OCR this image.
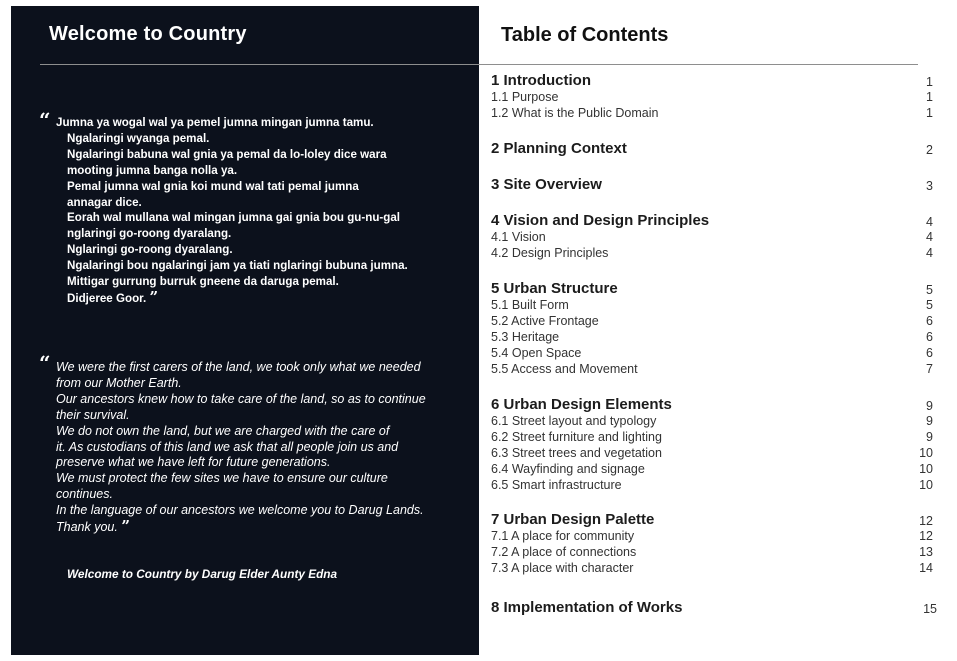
Welcome to Country
“ Jumna ya wogal wal ya pemel jumna mingan jumna tamu.
Ngalaringi wyanga pemal.
Ngalaringi babuna wal gnia ya pemal da lo-loley dice wara
mooting jumna banga nolla ya.
Pemal jumna wal gnia koi mund wal tati pemal jumna
annagar dice.
Eorah wal mullana wal mingan jumna gai gnia bou gu-nu-gal
nglaringi go-roong dyaralang.
Nglaringi go-roong dyaralang.
Ngalaringi bou ngalaringi jam ya tiati nglaringi bubuna jumna.
Mittigar gurrung burruk gneene da daruga pemal.
Didjeree Goor. ”
“ We were the first carers of the land, we took only what we needed
from our Mother Earth.
Our ancestors knew how to take care of the land, so as to continue
their survival.
We do not own the land, but we are charged with the care of
it. As custodians of this land we ask that all people join us and
preserve what we have left for future generations.
We must protect the few sites we have to ensure our culture
continues.
In the language of our ancestors we welcome you to Darug Lands.
Thank you. ”
Welcome to Country by Darug Elder Aunty Edna
Table of Contents
1 Introduction	1
1.1 Purpose	1
1.2 What is the Public Domain	1
2 Planning Context	2
3 Site Overview	3
4 Vision and Design Principles	4
4.1 Vision	4
4.2 Design Principles	4
5 Urban Structure	5
5.1 Built Form	5
5.2 Active Frontage	6
5.3 Heritage	6
5.4 Open Space	6
5.5 Access and Movement	7
6 Urban Design Elements	9
6.1 Street layout and typology	9
6.2 Street furniture and lighting	9
6.3 Street trees and vegetation	10
6.4 Wayfinding and signage	10
6.5 Smart infrastructure	10
7 Urban Design Palette	12
7.1 A place for community	12
7.2 A place of connections	13
7.3 A place with character	14
8 Implementation of Works	15
